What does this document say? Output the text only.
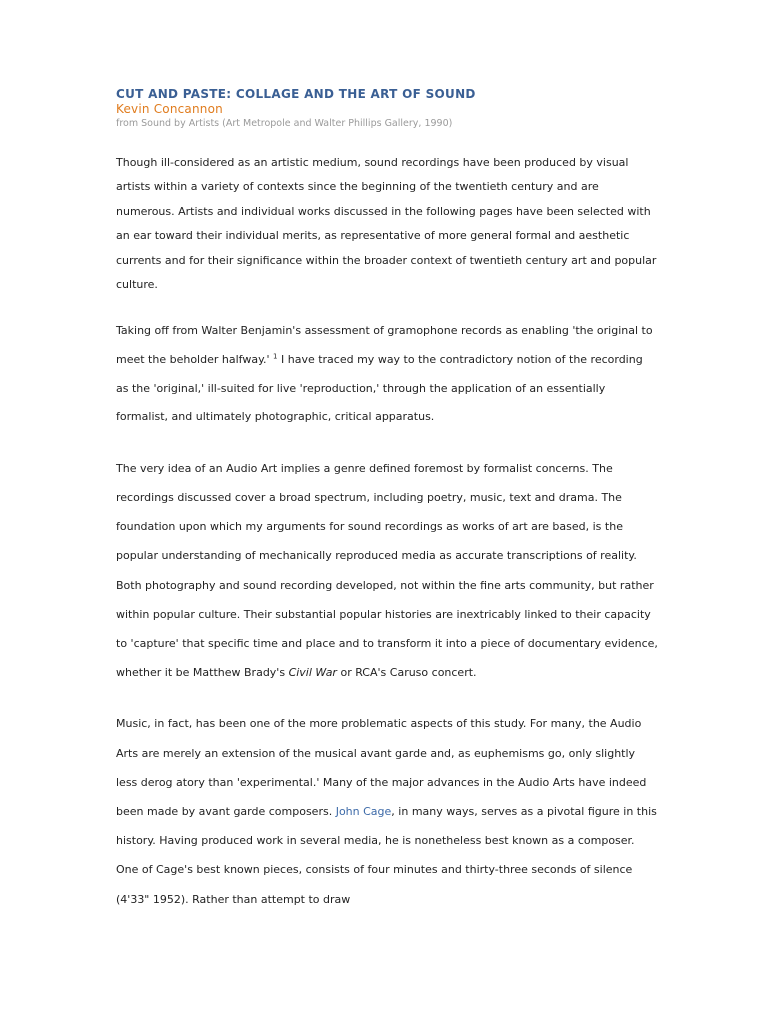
CUT AND PASTE: COLLAGE AND THE ART OF SOUND
Kevin Concannon
from Sound by Artists (Art Metropole and Walter Phillips Gallery, 1990)

Though ill-considered as an artistic medium, sound recordings have been produced by visual artists within a variety of contexts since the beginning of the twentieth century and are numerous. Artists and individual works discussed in the following pages have been selected with an ear toward their individual merits, as representative of more general formal and aesthetic currents and for their significance within the broader context of twentieth century art and popular culture.

Taking off from Walter Benjamin's assessment of gramophone records as enabling 'the original to meet the beholder halfway.' $^1$ I have traced my way to the contradictory notion of the recording as the 'original,' ill-suited for live 'reproduction,' through the application of an essentially formalist, and ultimately photographic, critical apparatus.

The very idea of an Audio Art implies a genre defined foremost by formalist concerns. The recordings discussed cover a broad spectrum, including poetry, music, text and drama. The foundation upon which my arguments for sound recordings as works of art are based, is the popular understanding of mechanically reproduced media as accurate transcriptions of reality. Both photography and sound recording developed, not within the fine arts community, but rather within popular culture. Their substantial popular histories are inextricably linked to their capacity to 'capture' that specific time and place and to transform it into a piece of documentary evidence, whether it be Matthew Brady's Civil War or RCA's Caruso concert.

Music, in fact, has been one of the more problematic aspects of this study. For many, the Audio Arts are merely an extension of the musical avant garde and, as euphemisms go, only slightly less derog atory than 'experimental.' Many of the major advances in the Audio Arts have indeed been made by avant garde composers. John Cage, in many ways, serves as a pivotal figure in this history. Having produced work in several media, he is nonetheless best known as a composer. One of Cage's best known pieces, consists of four minutes and thirty-three seconds of silence (4'33" 1952). Rather than attempt to draw
